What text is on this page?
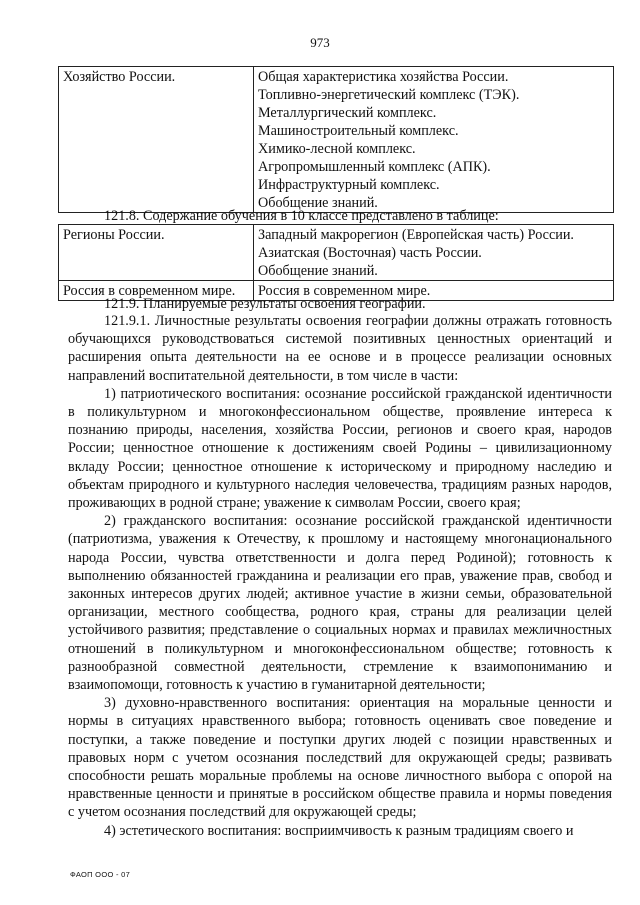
973
Хозяйство России.	Общая характеристика хозяйства России.
Топливно-энергетический комплекс (ТЭК).
Металлургический комплекс.
Машиностроительный комплекс.
Химико-лесной комплекс.
Агропромышленный комплекс (АПК).
Инфраструктурный комплекс.
Обобщение знаний.
121.8. Содержание обучения в 10 классе представлено в таблице:
Регионы России.	Западный макрорегион (Европейская часть) России.
Азиатская (Восточная) часть России.
Обобщение знаний.

Россия в современном мире.	Россия в современном мире.
121.9. Планируемые результаты освоения географии.

121.9.1. Личностные результаты освоения географии должны отражать готовность обучающихся руководствоваться системой позитивных ценностных ориентаций и расширения опыта деятельности на ее основе и в процессе реализации основных направлений воспитательной деятельности, в том числе в части:

1) патриотического воспитания: осознание российской гражданской идентичности в поликультурном и многоконфессиональном обществе, проявление интереса к познанию природы, населения, хозяйства России, регионов и своего края, народов России; ценностное отношение к достижениям своей Родины – цивилизационному вкладу России; ценностное отношение к историческому и природному наследию и объектам природного и культурного наследия человечества, традициям разных народов, проживающих в родной стране; уважение к символам России, своего края;

2) гражданского воспитания: осознание российской гражданской идентичности (патриотизма, уважения к Отечеству, к прошлому и настоящему многонационального народа России, чувства ответственности и долга перед Родиной); готовность к выполнению обязанностей гражданина и реализации его прав, уважение прав, свобод и законных интересов других людей; активное участие в жизни семьи, образовательной организации, местного сообщества, родного края, страны для реализации целей устойчивого развития; представление о социальных нормах и правилах межличностных отношений в поликультурном и многоконфессиональном обществе; готовность к разнообразной совместной деятельности, стремление к взаимопониманию и взаимопомощи, готовность к участию в гуманитарной деятельности;

3) духовно-нравственного воспитания: ориентация на моральные ценности и нормы в ситуациях нравственного выбора; готовность оценивать свое поведение и поступки, а также поведение и поступки других людей с позиции нравственных и правовых норм с учетом осознания последствий для окружающей среды; развивать способности решать моральные проблемы на основе личностного выбора с опорой на нравственные ценности и принятые в российском обществе правила и нормы поведения с учетом осознания последствий для окружающей среды;

4) эстетического воспитания: восприимчивость к разным традициям своего и

ФАОП ООО - 07
